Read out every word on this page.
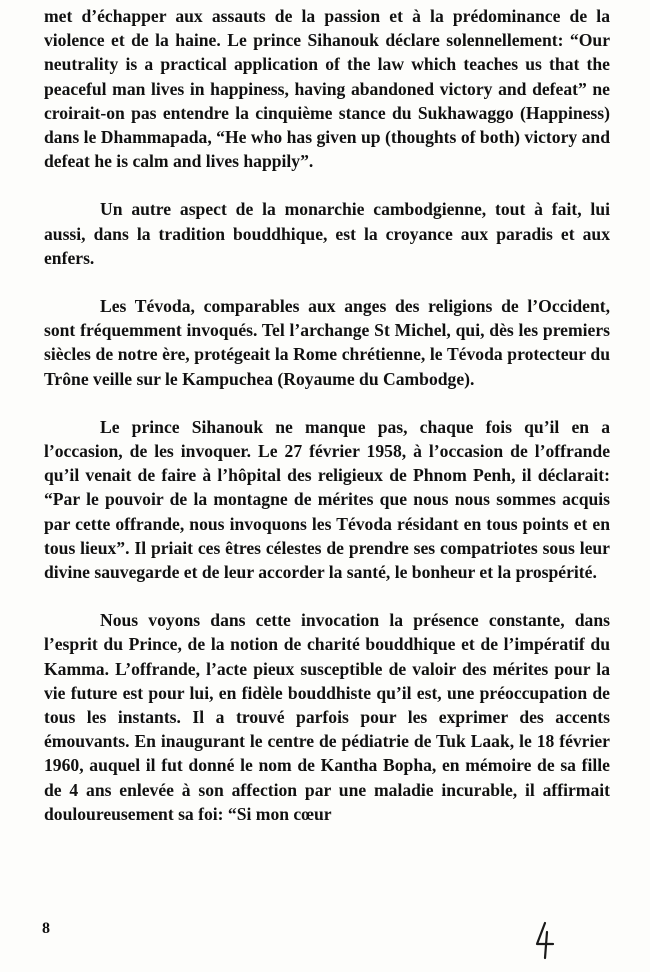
met d’échapper aux assauts de la passion et à la prédominance de la violence et de la haine. Le prince Sihanouk déclare solennellement: “Our neutrality is a practical application of the law which teaches us that the peaceful man lives in happiness, having abandoned victory and defeat” ne croirait-on pas entendre la cinquième stance du Sukhawaggo (Happiness) dans le Dhammapada, “He who has given up (thoughts of both) victory and defeat he is calm and lives happily”.

Un autre aspect de la monarchie cambodgienne, tout à fait, lui aussi, dans la tradition bouddhique, est la croyance aux paradis et aux enfers.

Les Tévoda, comparables aux anges des religions de l’Occident, sont fréquemment invoqués. Tel l’archange St Michel, qui, dès les premiers siècles de notre ère, protégeait la Rome chrétienne, le Tévoda protecteur du Trône veille sur le Kampuchea (Royaume du Cambodge).

Le prince Sihanouk ne manque pas, chaque fois qu’il en a l’occasion, de les invoquer. Le 27 février 1958, à l’occasion de l’offrande qu’il venait de faire à l’hôpital des religieux de Phnom Penh, il déclarait: “Par le pouvoir de la montagne de mérites que nous nous sommes acquis par cette offrande, nous invoquons les Tévoda résidant en tous points et en tous lieux”. Il priait ces êtres célestes de prendre ses compatriotes sous leur divine sauvegarde et de leur accorder la santé, le bonheur et la prospérité.

Nous voyons dans cette invocation la présence constante, dans l’esprit du Prince, de la notion de charité bouddhique et de l’impératif du Kamma. L’offrande, l’acte pieux susceptible de valoir des mérites pour la vie future est pour lui, en fidèle bouddhiste qu’il est, une préoccupation de tous les instants. Il a trouvé parfois pour les exprimer des accents émouvants. En inaugurant le centre de pédiatrie de Tuk Laak, le 18 février 1960, auquel il fut donné le nom de Kantha Bopha, en mémoire de sa fille de 4 ans enlevée à son affection par une maladie incurable, il affirmait douloureusement sa foi: “Si mon cœur

8
